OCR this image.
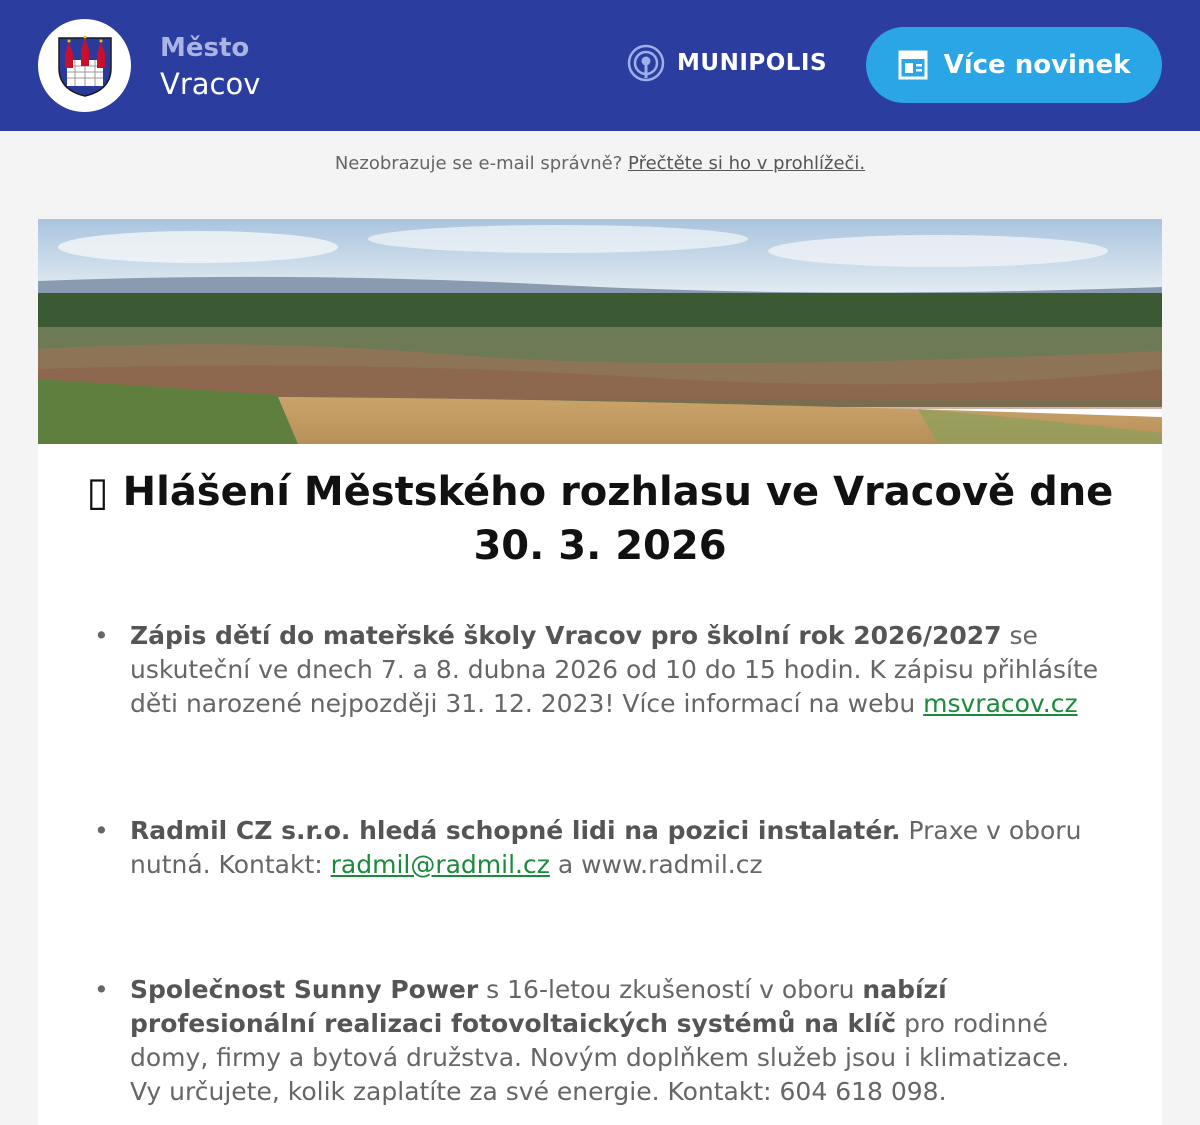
Město
Vracov
MUNIPOLIS	Více novinek
Nezobrazuje se e-mail správně? Přečtěte si ho v prohlížeči.
▯ Hlášení Městského rozhlasu ve Vracově dne 30. 3. 2026
• Zápis dětí do mateřské školy Vracov pro školní rok 2026/2027 se uskuteční ve dnech 7. a 8. dubna 2026 od 10 do 15 hodin. K zápisu přihlásíte děti narozené nejpozději 31. 12. 2023! Více informací na webu msvracov.cz
• Radmil CZ s.r.o. hledá schopné lidi na pozici instalatér. Praxe v oboru nutná. Kontakt: radmil@radmil.cz a www.radmil.cz
• Společnost Sunny Power s 16-letou zkušeností v oboru nabízí profesionální realizaci fotovoltaických systémů na klíč pro rodinné domy, firmy a bytová družstva. Novým doplňkem služeb jsou i klimatizace. Vy určujete, kolik zaplatíte za své energie. Kontakt: 604 618 098.
